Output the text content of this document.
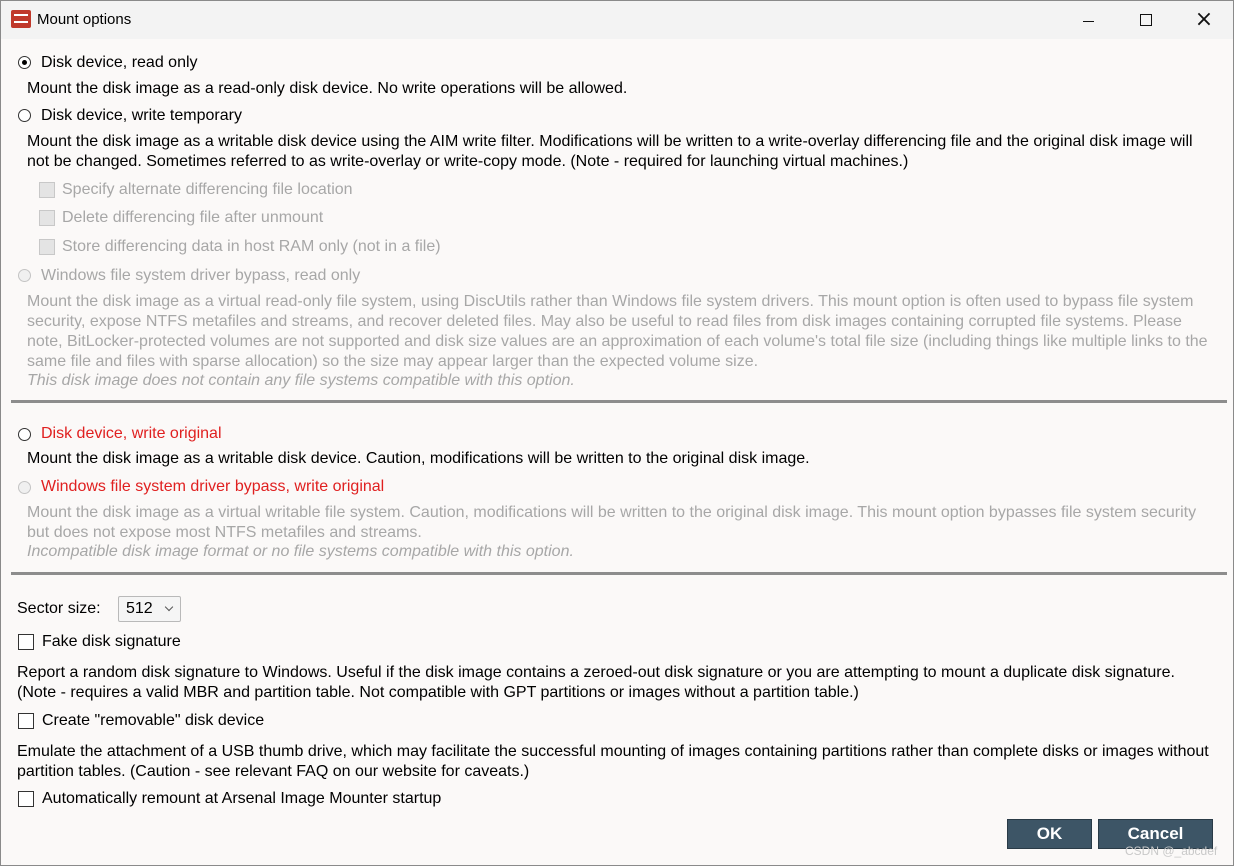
Mount options	×
Disk device, read only
Mount the disk image as a read-only disk device. No write operations will be allowed.
Disk device, write temporary
Mount the disk image as a writable disk device using the AIM write filter. Modifications will be written to a write-overlay differencing file and the original disk image will not be changed. Sometimes referred to as write-overlay or write-copy mode. (Note - required for launching virtual machines.)
Specify alternate differencing file location
Delete differencing file after unmount
Store differencing data in host RAM only (not in a file)
Windows file system driver bypass, read only
Mount the disk image as a virtual read-only file system, using DiscUtils rather than Windows file system drivers. This mount option is often used to bypass file system security, expose NTFS metafiles and streams, and recover deleted files. May also be useful to read files from disk images containing corrupted file systems. Please note, BitLocker-protected volumes are not supported and disk size values are an approximation of each volume's total file size (including things like multiple links to the same file and files with sparse allocation) so the size may appear larger than the expected volume size.
This disk image does not contain any file systems compatible with this option.
Disk device, write original
Mount the disk image as a writable disk device. Caution, modifications will be written to the original disk image.
Windows file system driver bypass, write original
Mount the disk image as a virtual writable file system. Caution, modifications will be written to the original disk image. This mount option bypasses file system security but does not expose most NTFS metafiles and streams.
Incompatible disk image format or no file systems compatible with this option.
Sector size: 512
Fake disk signature
Report a random disk signature to Windows. Useful if the disk image contains a zeroed-out disk signature or you are attempting to mount a duplicate disk signature. (Note - requires a valid MBR and partition table. Not compatible with GPT partitions or images without a partition table.)
Create "removable" disk device
Emulate the attachment of a USB thumb drive, which may facilitate the successful mounting of images containing partitions rather than complete disks or images without partition tables. (Caution - see relevant FAQ on our website for caveats.)
Automatically remount at Arsenal Image Mounter startup
OK	Cancel
CSDN @_abcdef
